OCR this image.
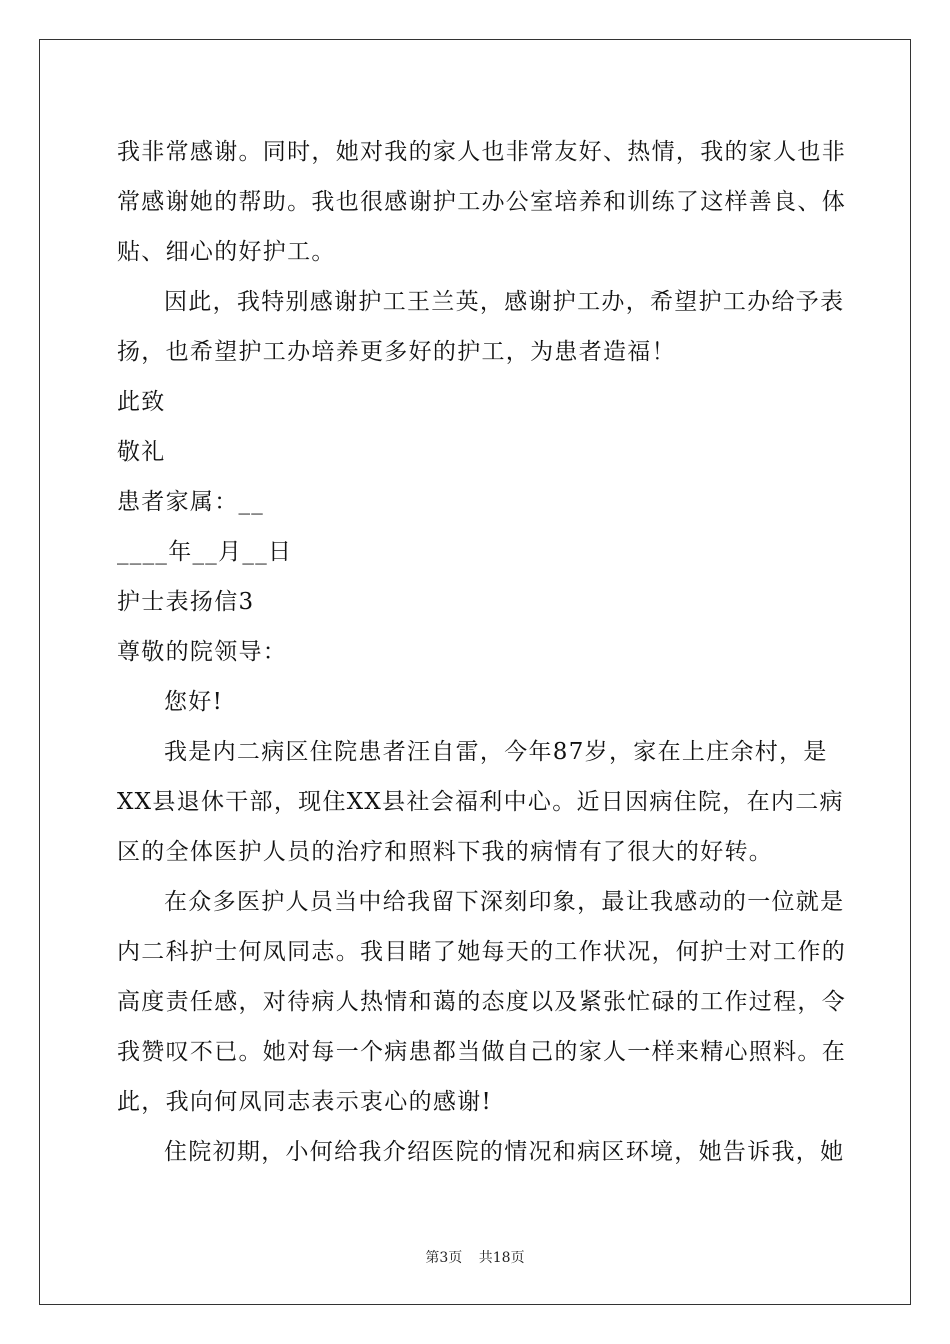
我非常感谢。同时，她对我的家人也非常友好、热情，我的家人也非
常感谢她的帮助。我也很感谢护工办公室培养和训练了这样善良、体
贴、细心的好护工。
因此，我特别感谢护工王兰英，感谢护工办，希望护工办给予表
扬，也希望护工办培养更多好的护工，为患者造福！
此致
敬礼
患者家属：__
____年__月__日
护士表扬信3
尊敬的院领导：
您好!
我是内二病区住院患者汪自雷，今年87岁，家在上庄余村，是
XX县退休干部，现住XX县社会福利中心。近日因病住院，在内二病
区的全体医护人员的治疗和照料下我的病情有了很大的好转。
在众多医护人员当中给我留下深刻印象，最让我感动的一位就是
内二科护士何凤同志。我目睹了她每天的工作状况，何护士对工作的
高度责任感，对待病人热情和蔼的态度以及紧张忙碌的工作过程，令
我赞叹不已。她对每一个病患都当做自己的家人一样来精心照料。在
此，我向何凤同志表示衷心的感谢!
住院初期，小何给我介绍医院的情况和病区环境，她告诉我，她
第3页 共18页
